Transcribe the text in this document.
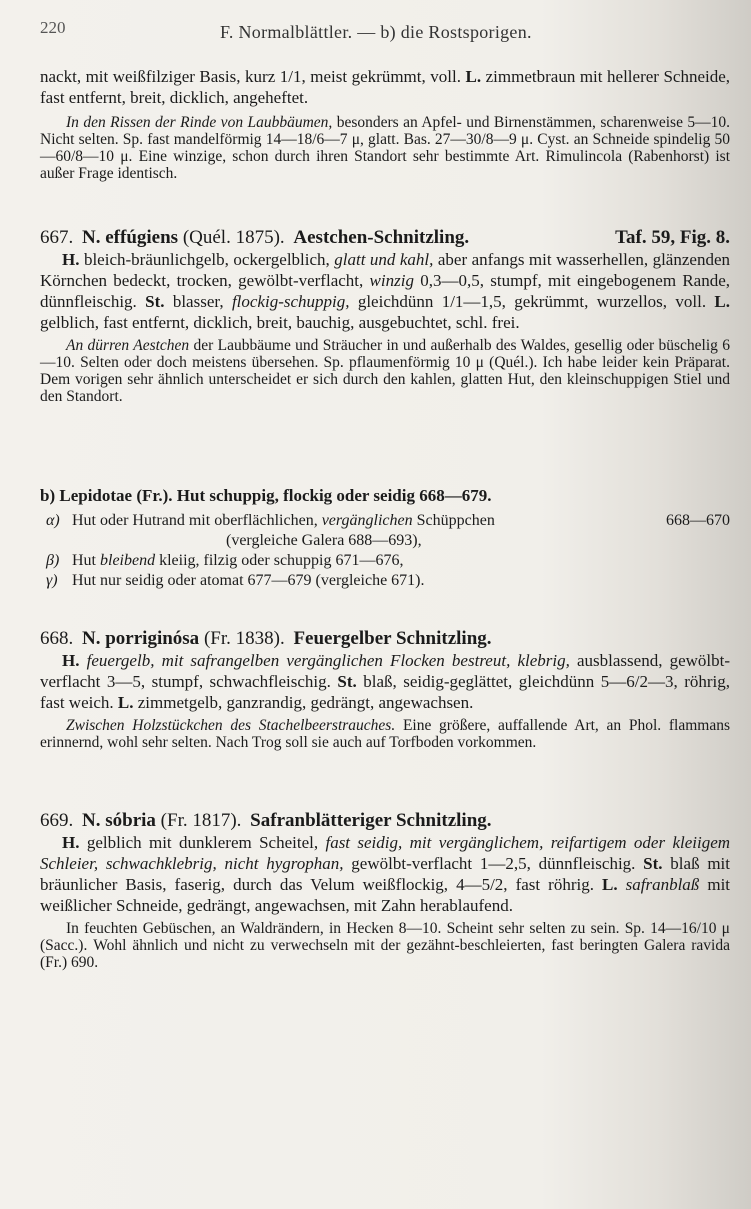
220	F. Normalblättler. — b) die Rostsporigen.

nackt, mit weißfilziger Basis, kurz 1/1, meist gekrümmt, voll. L. zimmetbraun mit hellerer Schneide, fast entfernt, breit, dicklich, angeheftet.

In den Rissen der Rinde von Laubbäumen, besonders an Apfel- und Birnenstämmen, scharenweise 5—10. Nicht selten. Sp. fast mandelförmig 14—18/6—7 μ, glatt. Bas. 27—30/8—9 μ. Cyst. an Schneide spindelig 50—60/8—10 μ. Eine winzige, schon durch ihren Standort sehr bestimmte Art. Rimulincola (Rabenhorst) ist außer Frage identisch.

667. N. effúgiens (Quél. 1875). Aestchen-Schnitzling.	Taf. 59, Fig. 8.

H. bleich-bräunlichgelb, ockergelblich, glatt und kahl, aber anfangs mit wasserhellen, glänzenden Körnchen bedeckt, trocken, gewölbt-verflacht, winzig 0,3—0,5, stumpf, mit eingebogenem Rande, dünnfleischig. St. blasser, flockig-schuppig, gleichdünn 1/1—1,5, gekrümmt, wurzellos, voll. L. gelblich, fast entfernt, dicklich, breit, bauchig, ausgebuchtet, schl. frei.

An dürren Aestchen der Laubbäume und Sträucher in und außerhalb des Waldes, gesellig oder büschelig 6—10. Selten oder doch meistens übersehen. Sp. pflaumenförmig 10 μ (Quél.). Ich habe leider kein Präparat. Dem vorigen sehr ähnlich unterscheidet er sich durch den kahlen, glatten Hut, den kleinschuppigen Stiel und den Standort.

b) Lepidotae (Fr.). Hut schuppig, flockig oder seidig 668—679.
α) Hut oder Hutrand mit oberflächlichen, vergänglichen Schüppchen	668—670
(vergleiche Galera 688—693),
β) Hut bleibend kleiig, filzig oder schuppig 671—676,
γ) Hut nur seidig oder atomat 677—679 (vergleiche 671).
668. N. porriginósa (Fr. 1838). Feuergelber Schnitzling.

H. feuergelb, mit safrangelben vergänglichen Flocken bestreut, klebrig, ausblassend, gewölbt-verflacht 3—5, stumpf, schwachfleischig. St. blaß, seidig-geglättet, gleichdünn 5—6/2—3, röhrig, fast weich. L. zimmetgelb, ganzrandig, gedrängt, angewachsen.

Zwischen Holzstückchen des Stachelbeerstrauches. Eine größere, auffallende Art, an Phol. flammans erinnernd, wohl sehr selten. Nach Trog soll sie auch auf Torfboden vorkommen.

669. N. sóbria (Fr. 1817). Safranblätteriger Schnitzling.

H. gelblich mit dunklerem Scheitel, fast seidig, mit vergänglichem, reifartigem oder kleiigem Schleier, schwachklebrig, nicht hygrophan, gewölbt-verflacht 1—2,5, dünnfleischig. St. blaß mit bräunlicher Basis, faserig, durch das Velum weißflockig, 4—5/2, fast röhrig. L. safranblaß mit weißlicher Schneide, gedrängt, angewachsen, mit Zahn herablaufend.

In feuchten Gebüschen, an Waldrändern, in Hecken 8—10. Scheint sehr selten zu sein. Sp. 14—16/10 μ (Sacc.). Wohl ähnlich und nicht zu verwechseln mit der gezähnt-beschleierten, fast beringten Galera ravida (Fr.) 690.
